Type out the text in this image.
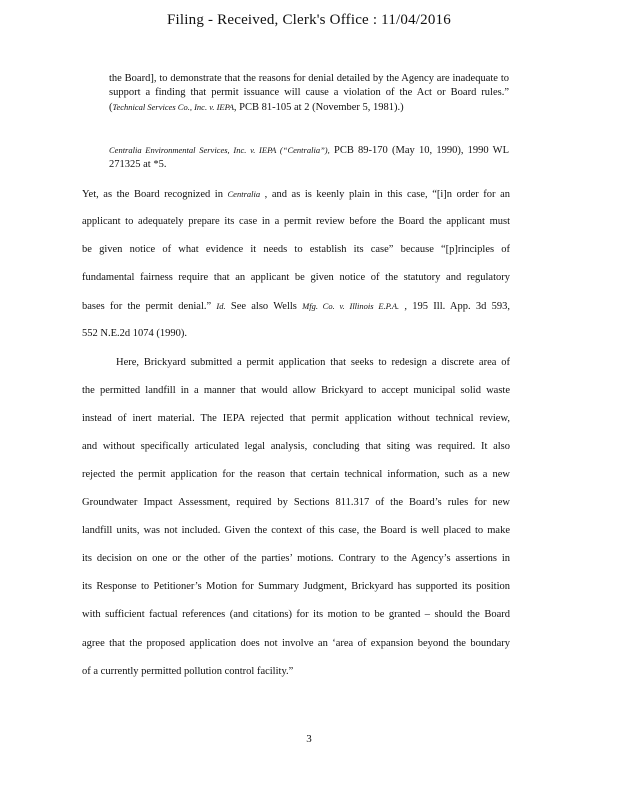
Filing - Received, Clerk's Office : 11/04/2016

the Board], to demonstrate that the reasons for denial detailed by the Agency are inadequate to support a finding that permit issuance will cause a violation of the Act or Board rules.” (Technical Services Co., Inc. v. IEPA, PCB 81-105 at 2 (November 5, 1981).)

Centralia Environmental Services, Inc. v. IEPA (“Centralia”), PCB 89-170 (May 10, 1990), 1990 WL 271325 at *5.

Yet, as the Board recognized in Centralia , and as is keenly plain in this case, “[i]n order for an
applicant to adequately prepare its case in a permit review before the Board the applicant must
be given notice of what evidence it needs to establish its case” because “[p]rinciples of
fundamental fairness require that an applicant be given notice of the statutory and regulatory
bases for the permit denial.” Id. See also Wells Mfg. Co. v. Illinois E.P.A. , 195 Ill. App. 3d 593,
552 N.E.2d 1074 (1990).
Here, Brickyard submitted a permit application that seeks to redesign a discrete area of
the permitted landfill in a manner that would allow Brickyard to accept municipal solid waste
instead of inert material. The IEPA rejected that permit application without technical review,
and without specifically articulated legal analysis, concluding that siting was required. It also
rejected the permit application for the reason that certain technical information, such as a new
Groundwater Impact Assessment, required by Sections 811.317 of the Board’s rules for new
landfill units, was not included. Given the context of this case, the Board is well placed to make
its decision on one or the other of the parties’ motions. Contrary to the Agency’s assertions in
its Response to Petitioner’s Motion for Summary Judgment, Brickyard has supported its position
with sufficient factual references (and citations) for its motion to be granted – should the Board
agree that the proposed application does not involve an ‘area of expansion beyond the boundary
of a currently permitted pollution control facility.”
3
